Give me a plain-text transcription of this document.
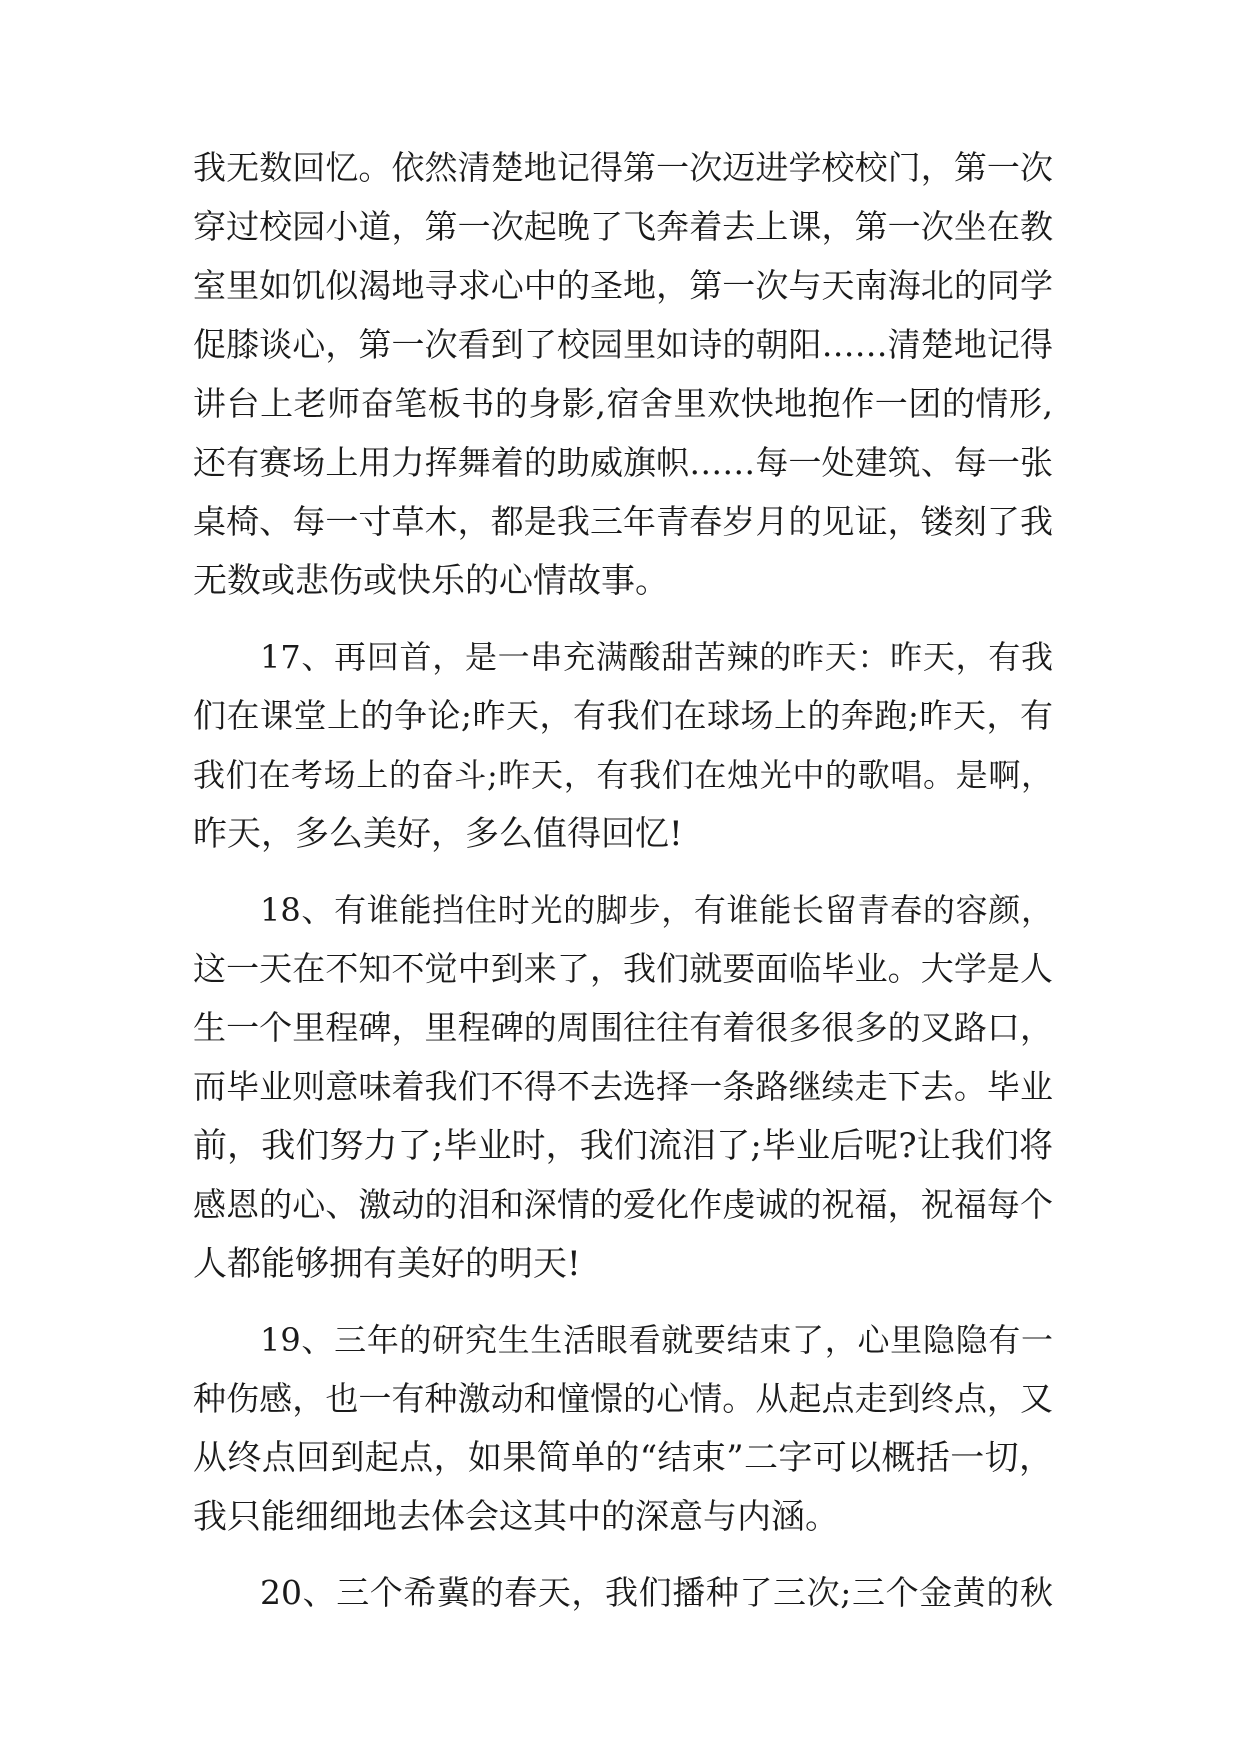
我无数回忆。依然清楚地记得第一次迈进学校校门，第一次
穿过校园小道，第一次起晚了飞奔着去上课，第一次坐在教
室里如饥似渴地寻求心中的圣地，第一次与天南海北的同学
促膝谈心，第一次看到了校园里如诗的朝阳……清楚地记得
讲台上老师奋笔板书的身影,宿舍里欢快地抱作一团的情形,
还有赛场上用力挥舞着的助威旗帜……每一处建筑、每一张
桌椅、每一寸草木，都是我三年青春岁月的见证，镂刻了我
无数或悲伤或快乐的心情故事。
17、再回首，是一串充满酸甜苦辣的昨天：昨天，有我
们在课堂上的争论;昨天，有我们在球场上的奔跑;昨天，有
我们在考场上的奋斗;昨天，有我们在烛光中的歌唱。是啊，
昨天，多么美好，多么值得回忆!
18、有谁能挡住时光的脚步，有谁能长留青春的容颜，
这一天在不知不觉中到来了，我们就要面临毕业。大学是人
生一个里程碑，里程碑的周围往往有着很多很多的叉路口，
而毕业则意味着我们不得不去选择一条路继续走下去。毕业
前，我们努力了;毕业时，我们流泪了;毕业后呢?让我们将
感恩的心、激动的泪和深情的爱化作虔诚的祝福，祝福每个
人都能够拥有美好的明天!
19、三年的研究生生活眼看就要结束了，心里隐隐有一
种伤感，也一有种激动和憧憬的心情。从起点走到终点，又
从终点回到起点，如果简单的“结束”二字可以概括一切，
我只能细细地去体会这其中的深意与内涵。
20、三个希冀的春天，我们播种了三次;三个金黄的秋
